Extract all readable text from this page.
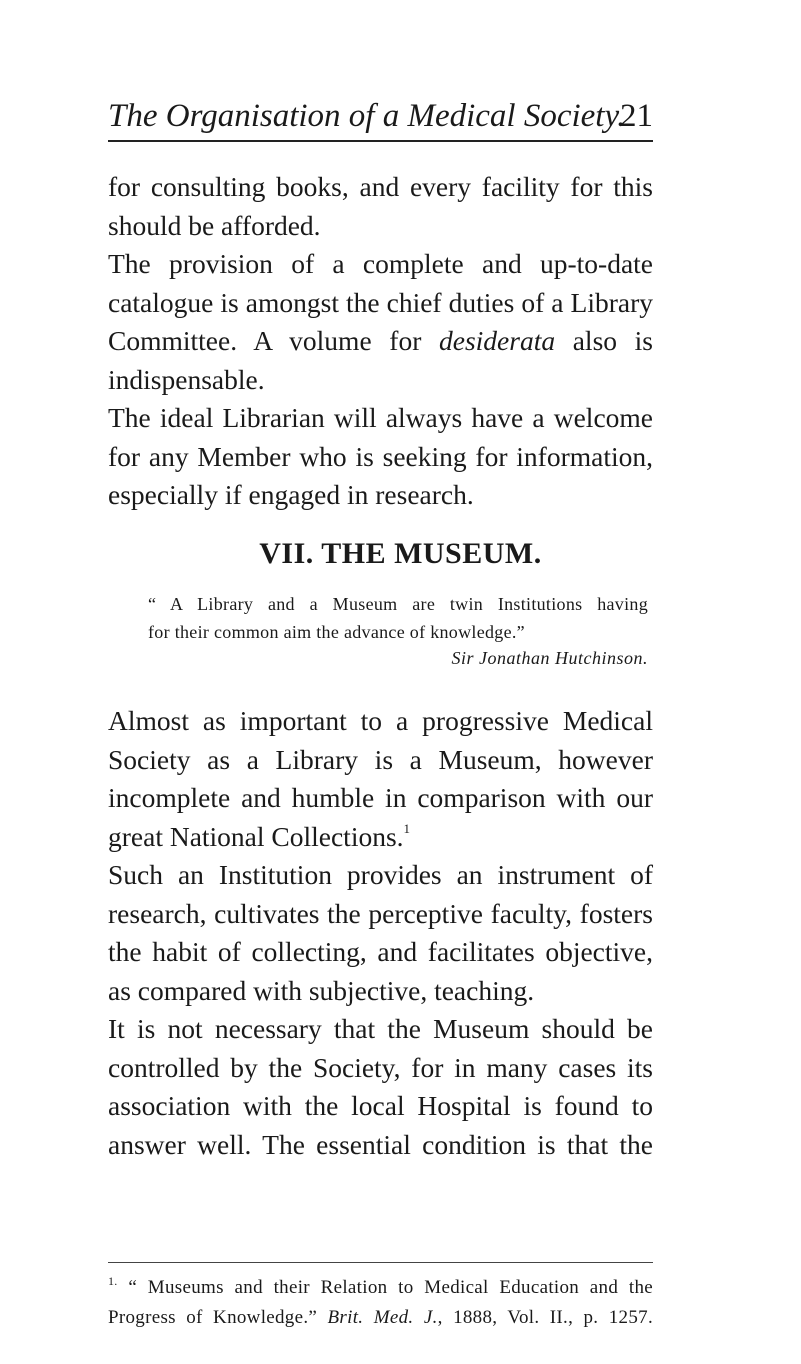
The Organisation of a Medical Society.
21

for consulting books, and every facility for this
should be afforded.

The provision of a complete and up-to-date
catalogue is amongst the chief duties of a Library
Committee. A volume for desiderata also is
indispensable.

The ideal Librarian will always have a welcome
for any Member who is seeking for information,
especially if engaged in research.

VII. THE MUSEUM.

“ A Library and a Museum are twin Institutions having
for their common aim the advance of knowledge.”

Sir Jonathan Hutchinson.

Almost as important to a progressive Medical
Society as a Library is a Museum, however
incomplete and humble in comparison with our
great National Collections.$^1$

Such an Institution provides an instrument of
research, cultivates the perceptive faculty, fosters
the habit of collecting, and facilitates objective,
as compared with subjective, teaching.

It is not necessary that the Museum should be
controlled by the Society, for in many cases its
association with the local Hospital is found to
answer well. The essential condition is that the

$^{1.}$ “ Museums and their Relation to Medical Education and the
Progress of Knowledge.” Brit. Med. J., 1888, Vol. II., p. 1257.
